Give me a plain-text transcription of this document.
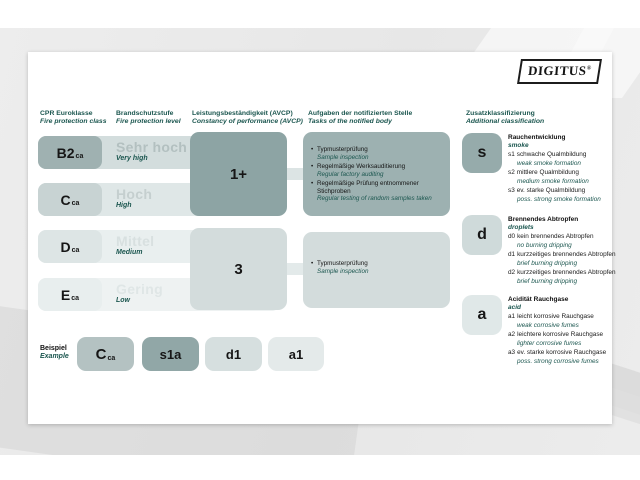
DIGITUS®
CPR Euroklasse
Fire protection class
Brandschutzstufe
Fire protection level
Leistungsbeständigkeit (AVCP)
Constancy of performance (AVCP)
Aufgaben der notifizierten Stelle
Tasks of the notified body
Zusatzklassifizierung
Additional classification
B2 ca
C ca
D ca
E ca
Sehr hoch
Very high
Hoch
High
Mittel
Medium
Gering
Low
1+
3
• Typmusterprüfung
Sample inspection
• Regelmäßige Werksauditierung
Regular factory auditing
• Regelmäßige Prüfung entnommener Stichproben
Regular testing of random samples taken
• Typmusterprüfung
Sample inspection
s
Rauchentwicklung
smoke
s1 schwache Qualmbildung
weak smoke formation
s2 mittlere Qualmbildung
medium smoke formation
s3 ev. starke Qualmbildung
poss. strong smoke formation
d
Brennendes Abtropfen
droplets
d0 kein brennendes Abtropfen
no burning dripping
d1 kurzzeitiges brennendes Abtropfen
brief burning dripping
d2 kurzzeitiges brennendes Abtropfen
brief burning dripping
a
Acidität Rauchgase
acid
a1 leicht korrosive Rauchgase
weak corrosive fumes
a2 leichtere korrosive Rauchgase
lighter corrosive fumes
a3 ev. starke korrosive Rauchgase
poss. strong corrosive fumes
Beispiel
Example C ca	s1a	d1	a1
